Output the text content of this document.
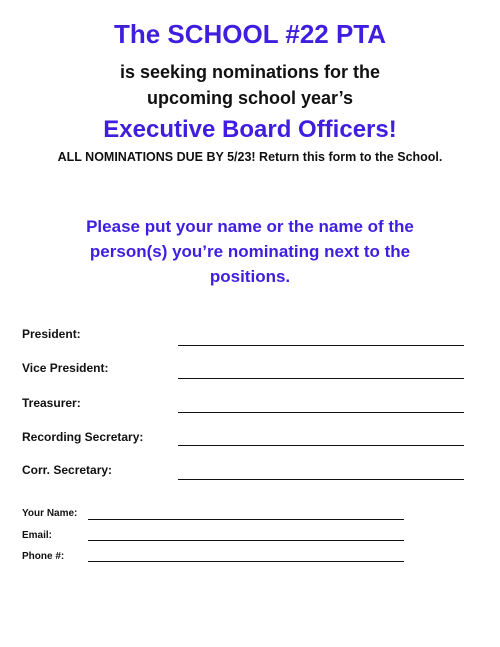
The SCHOOL #22 PTA
is seeking nominations for the
upcoming school year’s
Executive Board Officers!
ALL NOMINATIONS DUE BY 5/23! Return this form to the School.
Please put your name or the name of the person(s) you’re nominating next to the positions.
President:
Vice President:
Treasurer:
Recording Secretary:
Corr. Secretary:
Your Name:
Email:
Phone #:
